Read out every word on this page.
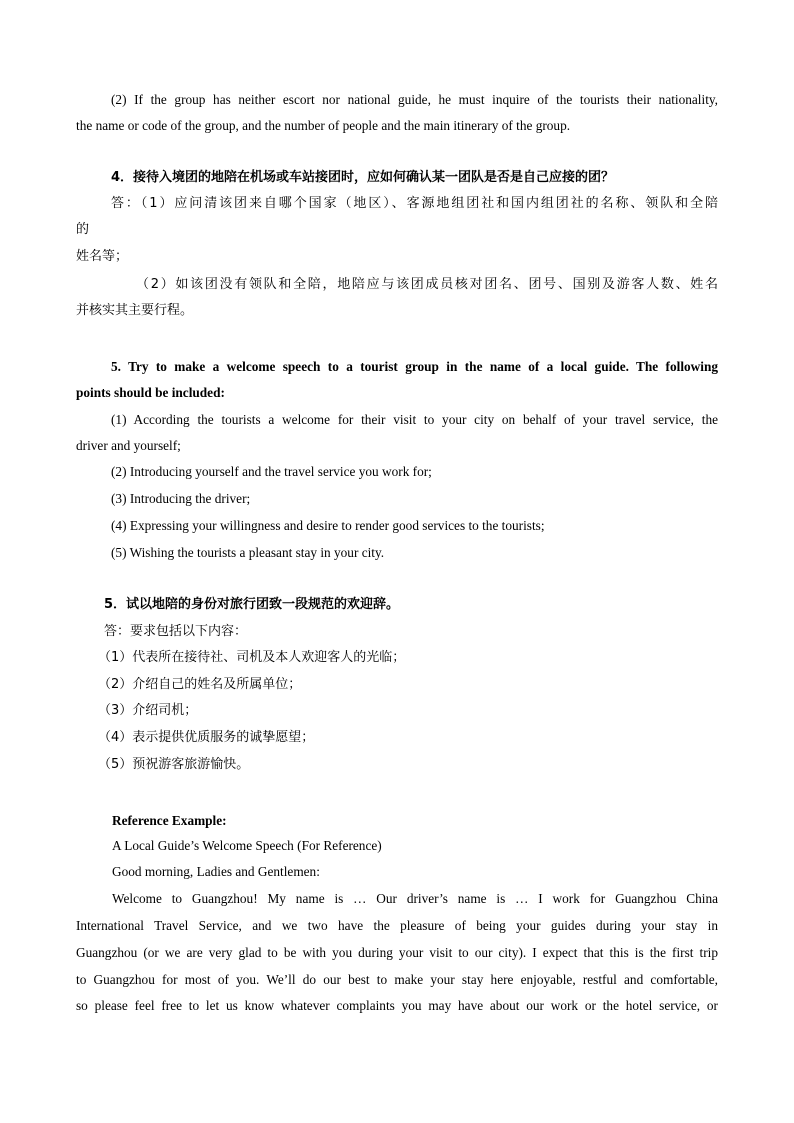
(2) If the group has neither escort nor national guide, he must inquire of the tourists their nationality,
the name or code of the group, and the number of people and the main itinerary of the group.
4．接待入境团的地陪在机场或车站接团时，应如何确认某一团队是否是自己应接的团？
答：（1）应问清该团来自哪个国家（地区）、客源地组团社和国内组团社的名称、领队和全陪
的
姓名等；
（2）如该团没有领队和全陪，地陪应与该团成员核对团名、团号、国别及游客人数、姓名
并核实其主要行程。
5. Try to make a welcome speech to a tourist group in the name of a local guide. The following
points should be included:
(1) According the tourists a welcome for their visit to your city on behalf of your travel service, the
driver and yourself;
(2) Introducing yourself and the travel service you work for;
(3) Introducing the driver;
(4) Expressing your willingness and desire to render good services to the tourists;
(5) Wishing the tourists a pleasant stay in your city.
5．试以地陪的身份对旅行团致一段规范的欢迎辞。
答：要求包括以下内容：
（1）代表所在接待社、司机及本人欢迎客人的光临；
（2）介绍自己的姓名及所属单位；
（3）介绍司机；
（4）表示提供优质服务的诚挚愿望；
（5）预祝游客旅游愉快。
Reference Example:
A Local Guide’s Welcome Speech (For Reference)
Good morning, Ladies and Gentlemen:
Welcome to Guangzhou! My name is … Our driver’s name is … I work for Guangzhou China
International Travel Service, and we two have the pleasure of being your guides during your stay in
Guangzhou (or we are very glad to be with you during your visit to our city). I expect that this is the first trip
to Guangzhou for most of you. We’ll do our best to make your stay here enjoyable, restful and comfortable,
so please feel free to let us know whatever complaints you may have about our work or the hotel service, or
